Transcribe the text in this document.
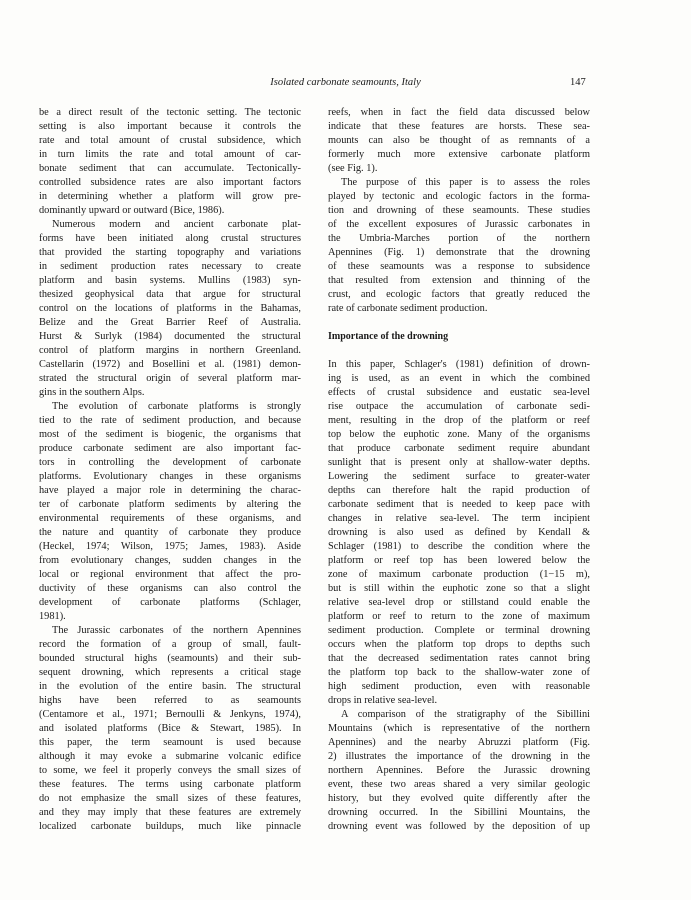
Isolated carbonate seamounts, Italy	147
be a direct result of the tectonic setting. The tectonic
setting is also important because it controls the
rate and total amount of crustal subsidence, which
in turn limits the rate and total amount of car-
bonate sediment that can accumulate. Tectonically-
controlled subsidence rates are also important factors
in determining whether a platform will grow pre-
dominantly upward or outward (Bice, 1986).
Numerous modern and ancient carbonate plat-
forms have been initiated along crustal structures
that provided the starting topography and variations
in sediment production rates necessary to create
platform and basin systems. Mullins (1983) syn-
thesized geophysical data that argue for structural
control on the locations of platforms in the Bahamas,
Belize and the Great Barrier Reef of Australia.
Hurst & Surlyk (1984) documented the structural
control of platform margins in northern Greenland.
Castellarin (1972) and Bosellini et al. (1981) demon-
strated the structural origin of several platform mar-
gins in the southern Alps.
The evolution of carbonate platforms is strongly
tied to the rate of sediment production, and because
most of the sediment is biogenic, the organisms that
produce carbonate sediment are also important fac-
tors in controlling the development of carbonate
platforms. Evolutionary changes in these organisms
have played a major role in determining the charac-
ter of carbonate platform sediments by altering the
environmental requirements of these organisms, and
the nature and quantity of carbonate they produce
(Heckel, 1974; Wilson, 1975; James, 1983). Aside
from evolutionary changes, sudden changes in the
local or regional environment that affect the pro-
ductivity of these organisms can also control the
development of carbonate platforms (Schlager,
1981).
The Jurassic carbonates of the northern Apennines
record the formation of a group of small, fault-
bounded structural highs (seamounts) and their sub-
sequent drowning, which represents a critical stage
in the evolution of the entire basin. The structural
highs have been referred to as seamounts
(Centamore et al., 1971; Bernoulli & Jenkyns, 1974),
and isolated platforms (Bice & Stewart, 1985). In
this paper, the term seamount is used because
although it may evoke a submarine volcanic edifice
to some, we feel it properly conveys the small sizes of
these features. The terms using carbonate platform
do not emphasize the small sizes of these features,
and they may imply that these features are extremely
localized carbonate buildups, much like pinnacle
reefs, when in fact the field data discussed below
indicate that these features are horsts. These sea-
mounts can also be thought of as remnants of a
formerly much more extensive carbonate platform
(see Fig. 1).
The purpose of this paper is to assess the roles
played by tectonic and ecologic factors in the forma-
tion and drowning of these seamounts. These studies
of the excellent exposures of Jurassic carbonates in
the Umbria-Marches portion of the northern
Apennines (Fig. 1) demonstrate that the drowning
of these seamounts was a response to subsidence
that resulted from extension and thinning of the
crust, and ecologic factors that greatly reduced the
rate of carbonate sediment production.
Importance of the drowning
In this paper, Schlager's (1981) definition of drown-
ing is used, as an event in which the combined
effects of crustal subsidence and eustatic sea-level
rise outpace the accumulation of carbonate sedi-
ment, resulting in the drop of the platform or reef
top below the euphotic zone. Many of the organisms
that produce carbonate sediment require abundant
sunlight that is present only at shallow-water depths.
Lowering the sediment surface to greater-water
depths can therefore halt the rapid production of
carbonate sediment that is needed to keep pace with
changes in relative sea-level. The term incipient
drowning is also used as defined by Kendall &
Schlager (1981) to describe the condition where the
platform or reef top has been lowered below the
zone of maximum carbonate production (1−15 m),
but is still within the euphotic zone so that a slight
relative sea-level drop or stillstand could enable the
platform or reef to return to the zone of maximum
sediment production. Complete or terminal drowning
occurs when the platform top drops to depths such
that the decreased sedimentation rates cannot bring
the platform top back to the shallow-water zone of
high sediment production, even with reasonable
drops in relative sea-level.
A comparison of the stratigraphy of the Sibillini
Mountains (which is representative of the northern
Apennines) and the nearby Abruzzi platform (Fig.
2) illustrates the importance of the drowning in the
northern Apennines. Before the Jurassic drowning
event, these two areas shared a very similar geologic
history, but they evolved quite differently after the
drowning occurred. In the Sibillini Mountains, the
drowning event was followed by the deposition of up
